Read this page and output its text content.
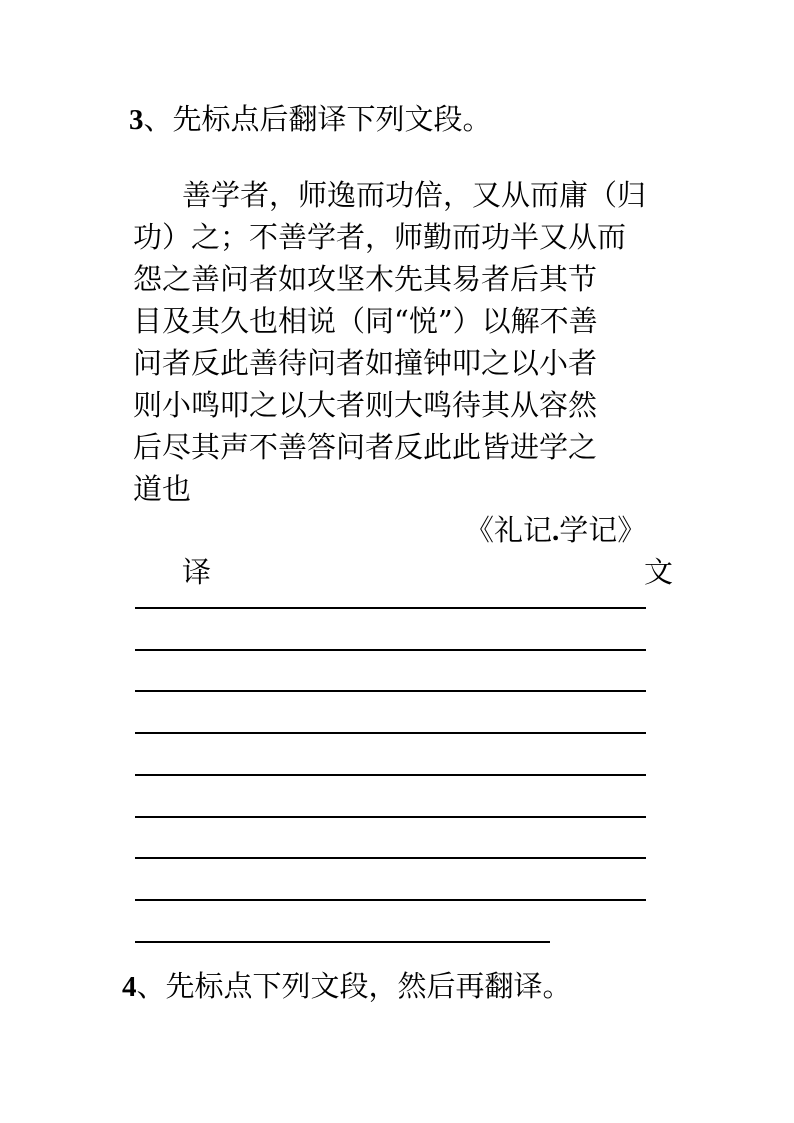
3、先标点后翻译下列文段。
善学者，师逸而功倍，又从而庸（归
功）之；不善学者，师勤而功半又从而
怨之善问者如攻坚木先其易者后其节
目及其久也相说（同“悦”）以解不善
问者反此善待问者如撞钟叩之以小者
则小鸣叩之以大者则大鸣待其从容然
后尽其声不善答问者反此此皆进学之
道也
《礼记.学记》
译	文
4、先标点下列文段，然后再翻译。
